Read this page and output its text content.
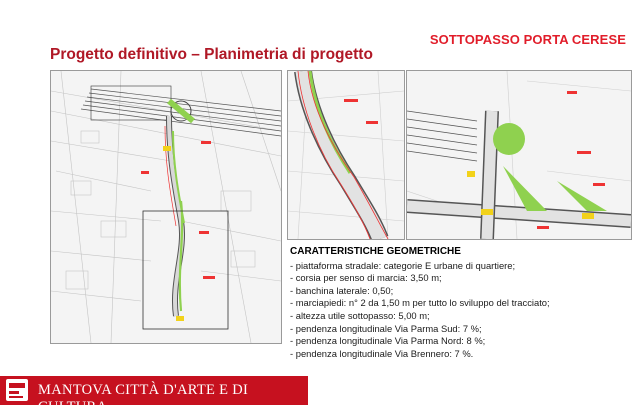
SOTTOPASSO PORTA CERESE
Progetto definitivo – Planimetria di progetto
CARATTERISTICHE GEOMETRICHE
- piattaforma stradale: categorie E urbane di quartiere;
- corsia per senso di marcia: 3,50 m;
- banchina laterale: 0,50;
- marciapiedi: n° 2 da 1,50 m per tutto lo sviluppo del tracciato;
- altezza utile sottopasso: 5,00 m;
- pendenza longitudinale Via Parma Sud: 7 %;
- pendenza longitudinale Via Parma Nord: 8 %;
- pendenza longitudinale Via Brennero: 7 %.
MANTOVA CITTÀ D'ARTE E DI CULTURA
